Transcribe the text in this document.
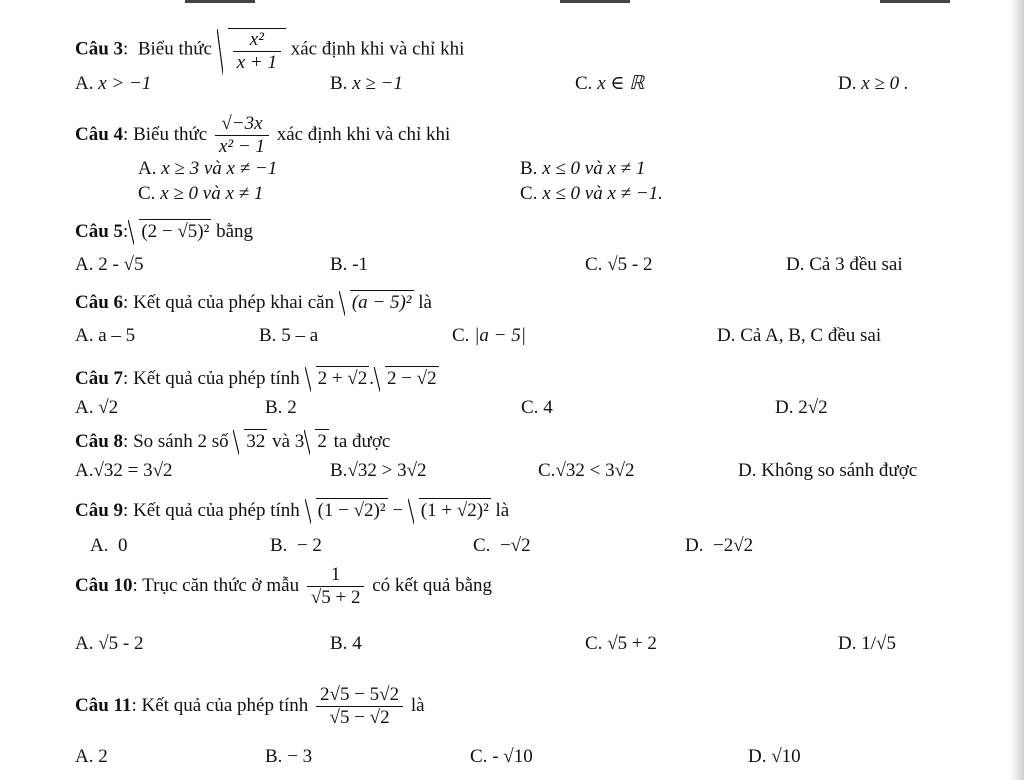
Câu 3:  Biểu thức $\frac{\text{x²}}{x + 1}$ xác định khi và chỉ khi
A. x > −1	B. x ≥ −1	C. x ∈ ℝ	D. x ≥ 0 .
Câu 4: Biểu thức $\frac{√-3x}{\text{x² − 1}}$ xác định khi và chỉ khi
A. x ≥ 3 và x ≠ −1	B. x ≤ 0 và x ≠ 1
C. x ≥ 0 và x ≠ 1	C. x ≤ 0 và x ≠ −1.
Câu 5: (2 − √5)² bằng
A. 2 - √5	B. -1	C. √5 - 2	D. Cả 3 đều sai
Câu 6: Kết quả của phép khai căn (a − 5)² là
A. a – 5	B. 5 – a	C. |a − 5|	D. Cả A, B, C đều sai
Câu 7: Kết quả của phép tính 2 + √2 . 2 − √2
A. √2	B. 2	C. 4	D. 2√2
Câu 8: So sánh 2 số 32 và 3 2 ta được
A.√32 = 3√2	B.√32 > 3√2	C.√32 < 3√2	D. Không so sánh được
Câu 9: Kết quả của phép tính (1 − √2)² − (1 + √2)² là
A. 0	B. − 2	C. −√2	D. −2√2
Câu 10: Trục căn thức ở mẫu $\frac{1}{√5 + 2}$ có kết quả bằng
A. √5 - 2	B. 4	C. √5 + 2	D. 1/√5
Câu 11: Kết quả của phép tính $\frac{2√5 - 5√2}{√5 - √2}$ là
A. 2	B. − 3	C. - √10	D. √10
